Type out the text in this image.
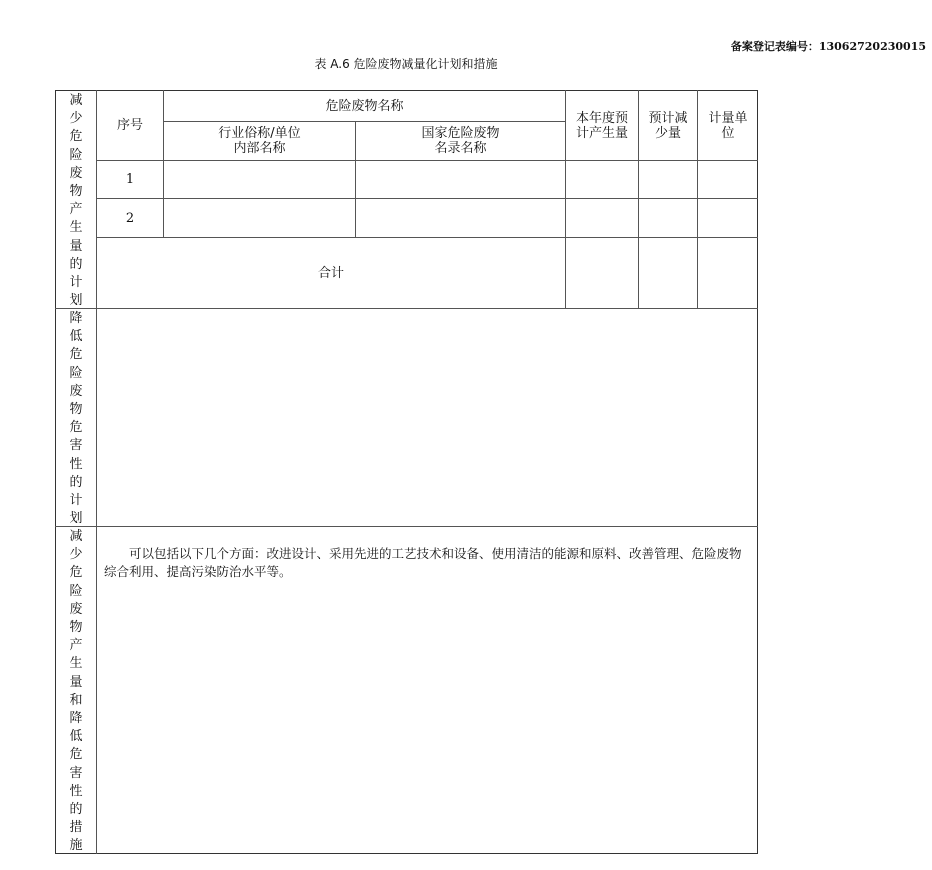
备案登记表编号：13062720230015
表 A.6 危险废物减量化计划和措施
序号
危险废物名称
行业俗称/单位
内部名称
国家危险废物
名录名称
本年度预
计产生量
预计减
少量
计量单
位
1
2
合计
减少危险废物产生量的计划
降低危险废物危害性的计划
减少危险废物产生量和降低危害性的措施
可以包括以下几个方面：改进设计、采用先进的工艺技术和设备、使用清洁的能源和原料、改善管理、危险废物综合利用、提高污染防治水平等。
